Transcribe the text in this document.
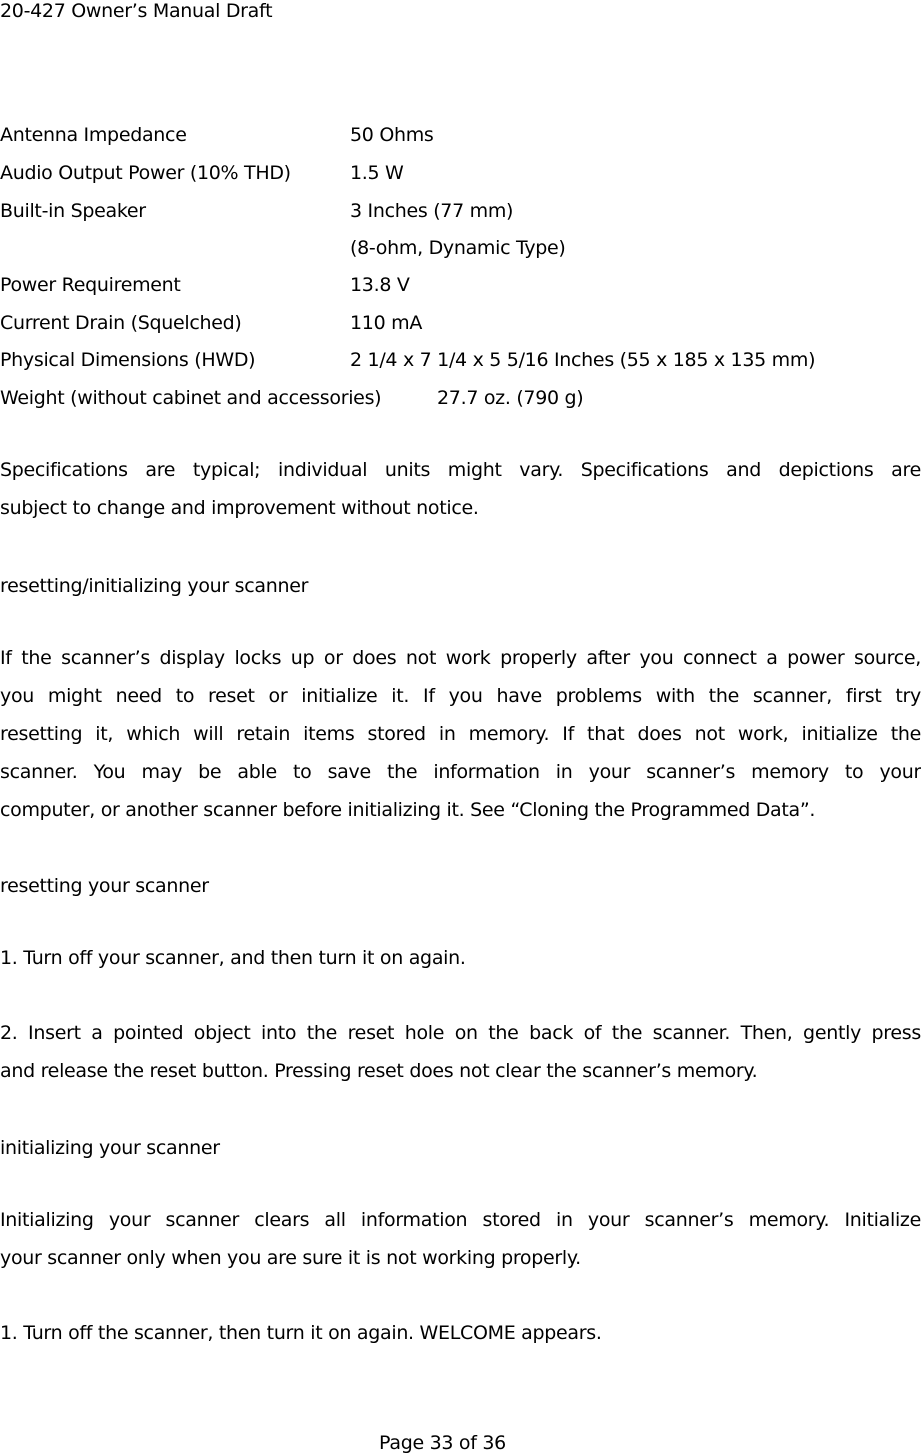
20-427 Owner’s Manual Draft
Antenna Impedance	50 Ohms
Audio Output Power (10% THD)	1.5 W
Built-in Speaker	3 Inches (77 mm)
(8-ohm, Dynamic Type)
Power Requirement	13.8 V
Current Drain (Squelched)	110 mA
Physical Dimensions (HWD)	2 1/4 x 7 1/4 x 5 5/16 Inches (55 x 185 x 135 mm)
Weight (without cabinet and accessories)	27.7 oz. (790 g)
Specifications are typical; individual units might vary. Specifications and depictions are
subject to change and improvement without notice.
resetting/initializing your scanner
If the scanner’s display locks up or does not work properly after you connect a power source,
you might need to reset or initialize it. If you have problems with the scanner, first try
resetting it, which will retain items stored in memory. If that does not work, initialize the
scanner. You may be able to save the information in your scanner’s memory to your
computer, or another scanner before initializing it. See “Cloning the Programmed Data”.
resetting your scanner
1. Turn off your scanner, and then turn it on again.
2. Insert a pointed object into the reset hole on the back of the scanner. Then, gently press
and release the reset button. Pressing reset does not clear the scanner’s memory.
initializing your scanner
Initializing your scanner clears all information stored in your scanner’s memory. Initialize
your scanner only when you are sure it is not working properly.
1. Turn off the scanner, then turn it on again. WELCOME appears.
Page 33 of 36
